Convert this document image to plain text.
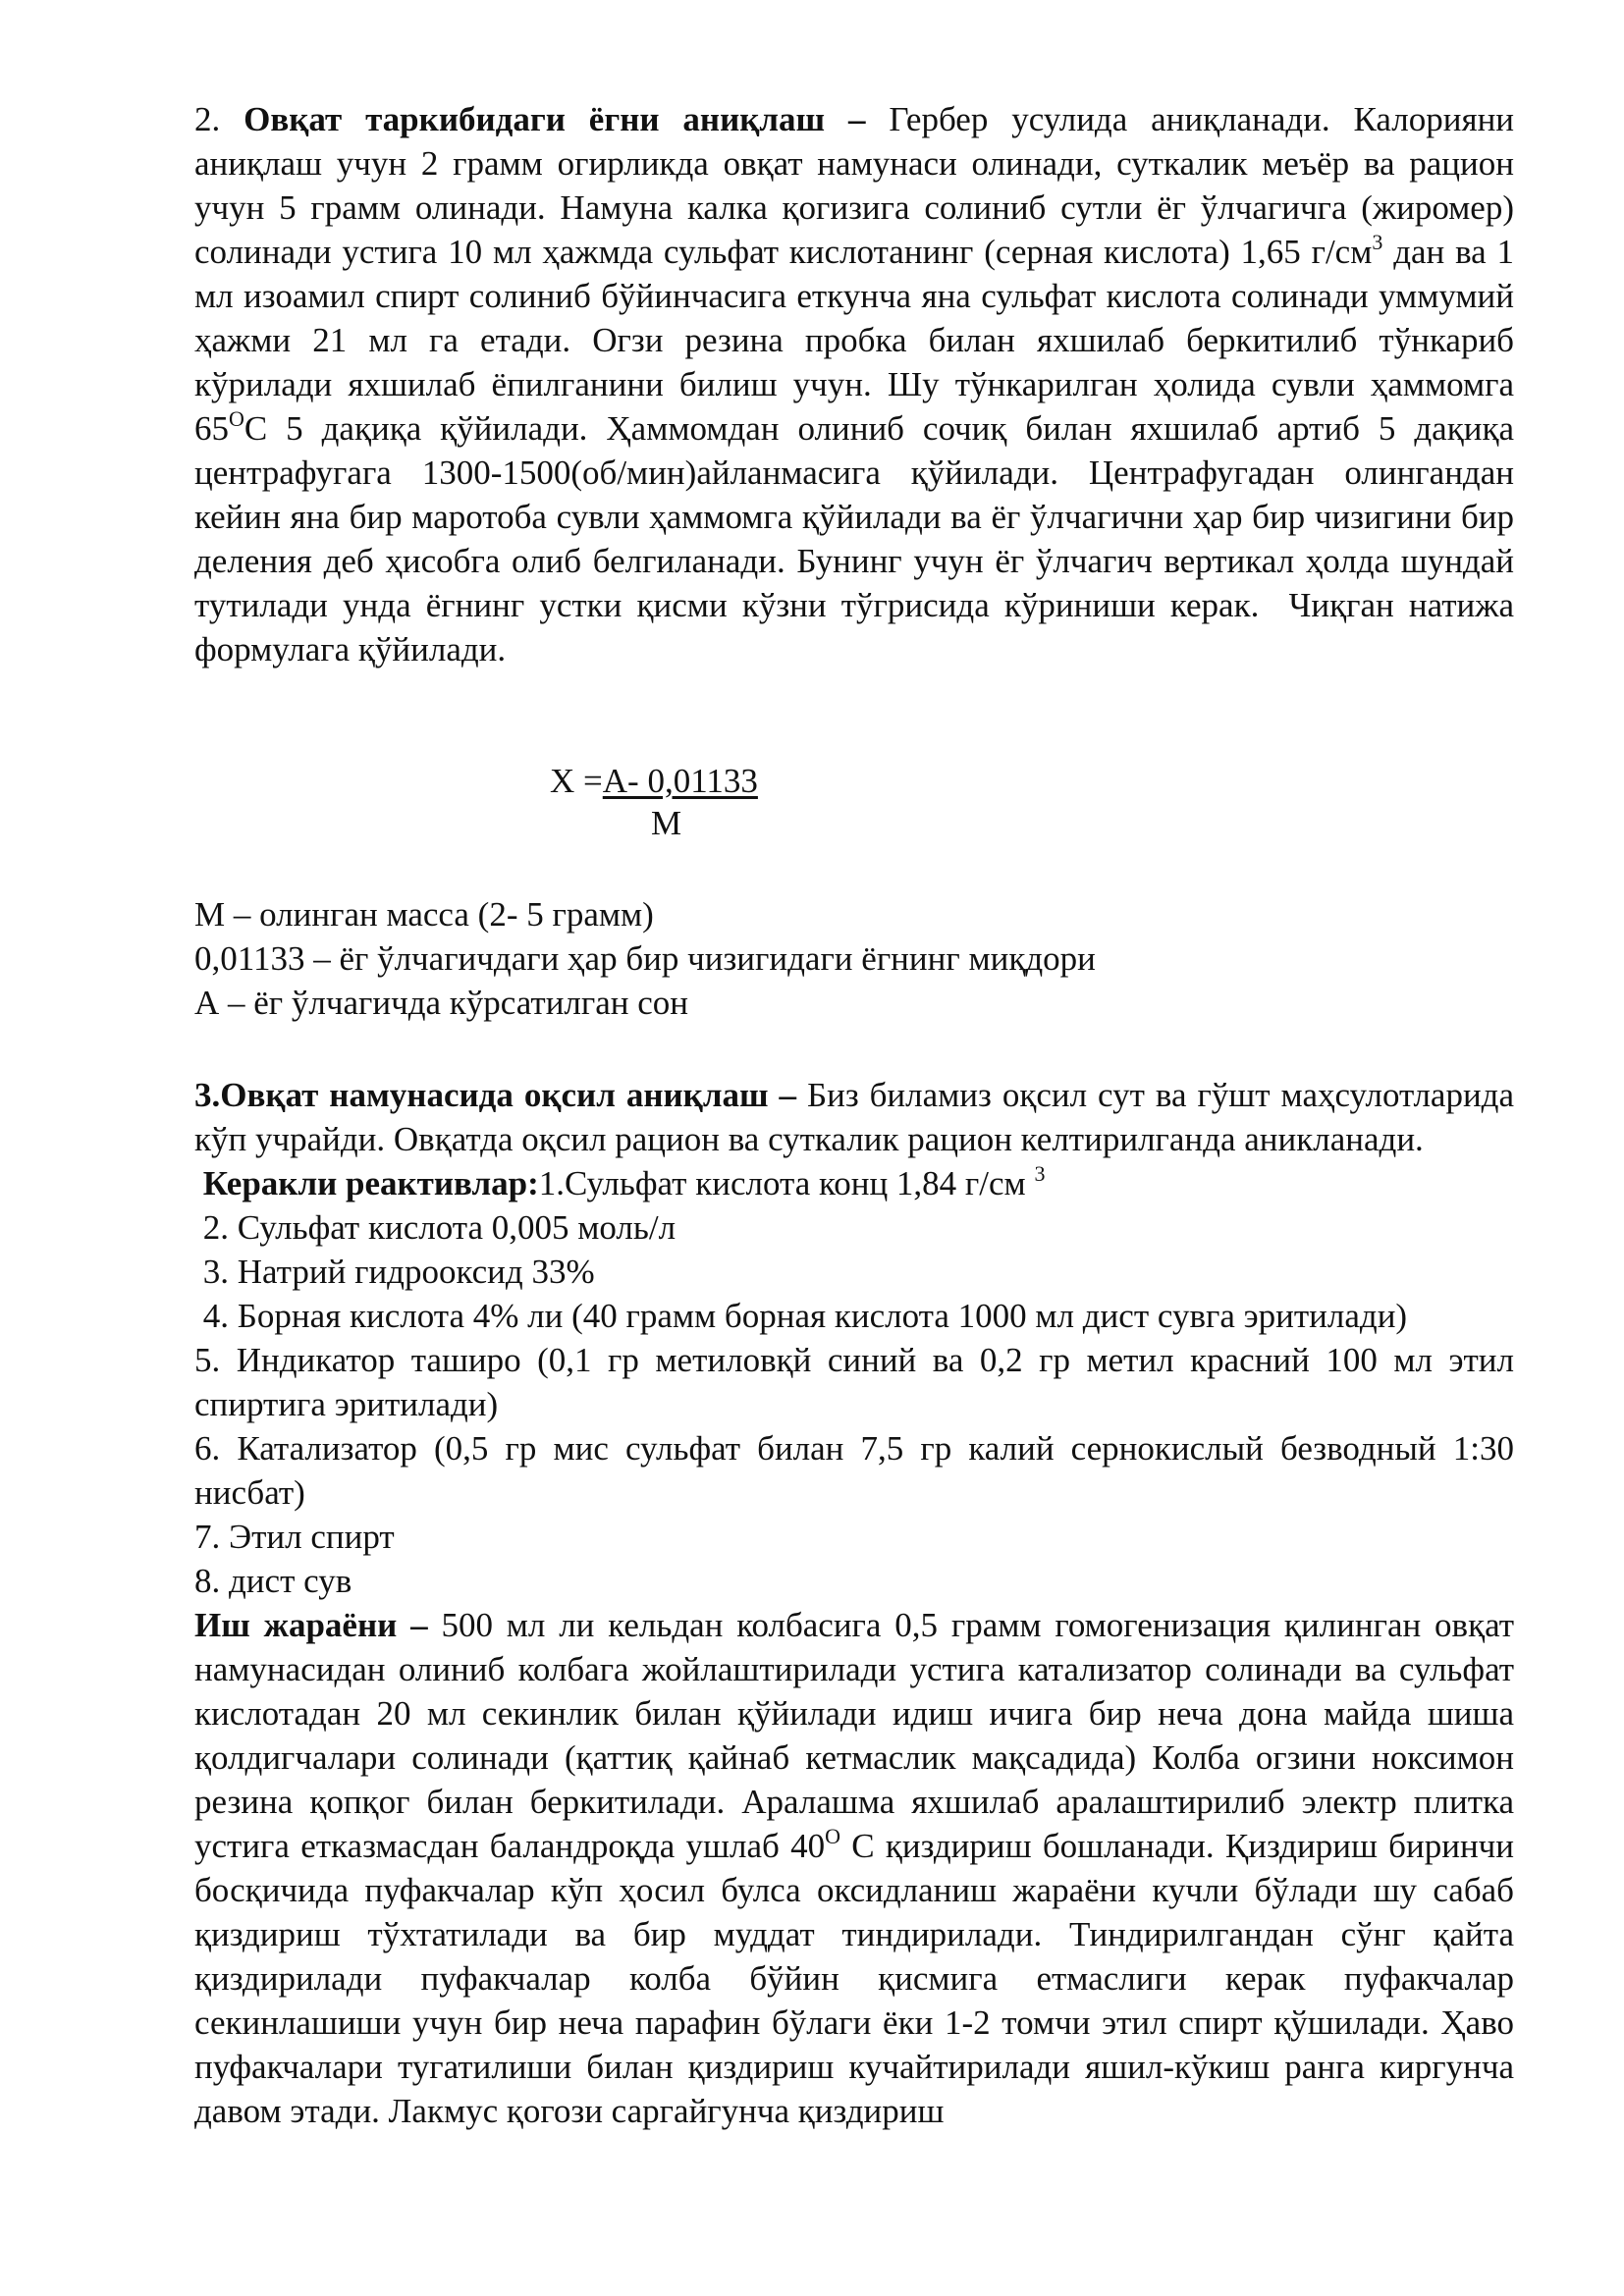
2. Овқат таркибидаги ёгни аниқлаш – Гербер усулида аниқланади. Калорияни аниқлаш учун 2 грамм огирликда овқат намунаси олинади, суткалик меъёр ва рацион учун 5 грамм олинади. Намуна калка қогизига солиниб сутли ёг ўлчагичга (жиромер) солинади устига 10 мл ҳажмда сульфат кислотанинг (серная кислота) 1,65 $г/см^3$ дан ва 1 мл изоамил спирт солиниб бўйинчасига еткунча яна сульфат кислота солинади уммумий ҳажми 21 мл га етади. Огзи резина пробка билан яхшилаб беркитилиб тўнкариб кўрилади яхшилаб ёпилганини билиш учун. Шу тўнкарилган ҳолида сувли ҳаммомга $65^ОС$ 5 дақиқа қўйилади. Ҳаммомдан олиниб сочиқ билан яхшилаб артиб 5 дақиқа центрафугага 1300-1500(об/мин)айланмасига қўйилади. Центрафугадан олингандан кейин яна бир маротоба сувли ҳаммомга қўйилади ва ёг ўлчагични ҳар бир чизигини бир деления деб ҳисобга олиб белгиланади. Бунинг учун ёг ўлчагич вертикал ҳолда шундай тутилади унда ёгнинг устки қисми кўзни тўгрисида кўриниши керак. Чиқган натижа формулага қўйилади.

X =A- 0,01133
M

М – олинган масса (2- 5 грамм)

0,01133 – ёг ўлчагичдаги ҳар бир чизигидаги ёгнинг миқдори

А – ёг ўлчагичда кўрсатилган сон

3.Овқат намунасида оқсил аниқлаш – Биз биламиз оқсил сут ва гўшт маҳсулотларида кўп учрайди. Овқатда оқсил рацион ва суткалик рацион келтирилганда аникланади.

Керакли реактивлар:1.Сульфат кислота конц 1,84 г/см $^3$

2. Сульфат кислота 0,005 моль/л

3. Натрий гидрооксид 33%

4. Борная кислота 4% ли (40 грамм борная кислота 1000 мл дист сувга эритилади)

5. Индикатор таширо (0,1 гр метиловқй синий ва 0,2 гр метил красний 100 мл этил спиртига эритилади)

6. Катализатор (0,5 гр мис сульфат билан 7,5 гр калий сернокислый безводный 1:30 нисбат)

7. Этил спирт

8. дист сув

Иш жараёни – 500 мл ли кельдан колбасига 0,5 грамм гомогенизация қилинган овқат намунасидан олиниб колбага жойлаштирилади устига катализатор солинади ва сульфат кислотадан 20 мл секинлик билан қўйилади идиш ичига бир неча дона майда шиша қолдигчалари солинади (қаттиқ қайнаб кетмаслик мақсадида) Колба огзини ноксимон резина қопқог билан беркитилади. Аралашма яхшилаб аралаштирилиб электр плитка устига етказмасдан баландроқда ушлаб $40^О$ С қиздириш бошланади. Қиздириш биринчи босқичида пуфакчалар кўп ҳосил булса оксидланиш жараёни кучли бўлади шу сабаб қиздириш тўхтатилади ва бир муддат тиндирилади. Тиндирилгандан сўнг қайта қиздирилади пуфакчалар колба бўйин қисмига етмаслиги керак пуфакчалар секинлашиши учун бир неча парафин бўлаги ёки 1-2 томчи этил спирт қўшилади. Ҳаво пуфакчалари тугатилиши билан қиздириш кучайтирилади яшил-кўкиш ранга киргунча давом этади. Лакмус қогози саргайгунча қиздириш
